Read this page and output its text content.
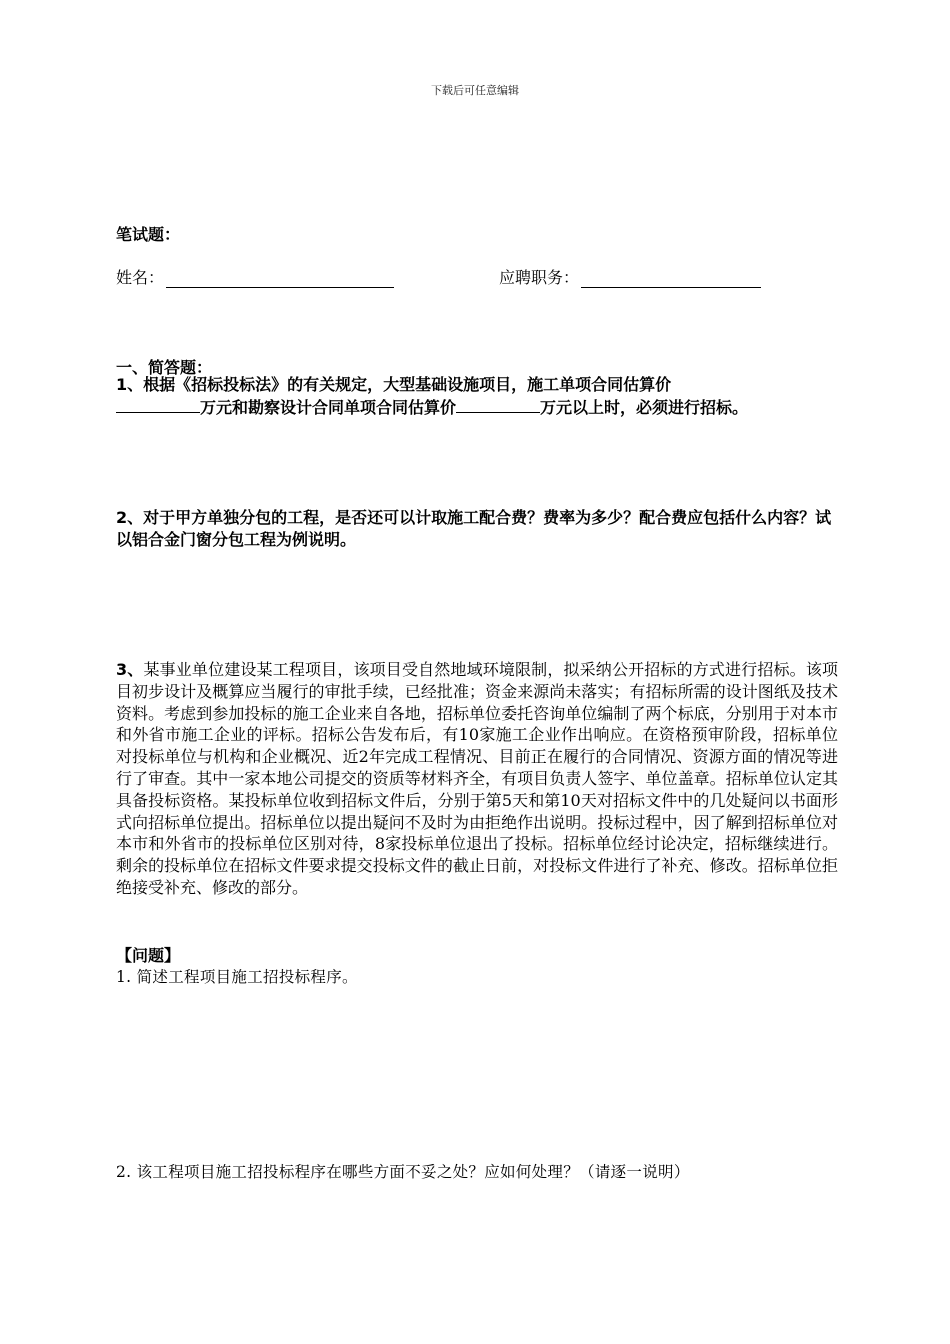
下载后可任意编辑
笔试题：
姓名：	应聘职务：
一、简答题：
1、根据《招标投标法》的有关规定，大型基础设施项目，施工单项合同估算价
万元和勘察设计合同单项合同估算价	万元以上时，必须进行招标。
2、对于甲方单独分包的工程，是否还可以计取施工配合费？费率为多少？配合费应包括什么内容？试以铝合金门窗分包工程为例说明。
3、某事业单位建设某工程项目，该项目受自然地域环境限制，拟采纳公开招标的方式进行招标。该项目初步设计及概算应当履行的审批手续，已经批准；资金来源尚未落实；有招标所需的设计图纸及技术资料。考虑到参加投标的施工企业来自各地，招标单位委托咨询单位编制了两个标底，分别用于对本市和外省市施工企业的评标。招标公告发布后，有10家施工企业作出响应。在资格预审阶段，招标单位对投标单位与机构和企业概况、近2年完成工程情况、目前正在履行的合同情况、资源方面的情况等进行了审查。其中一家本地公司提交的资质等材料齐全，有项目负责人签字、单位盖章。招标单位认定其具备投标资格。某投标单位收到招标文件后，分别于第5天和第10天对招标文件中的几处疑问以书面形式向招标单位提出。招标单位以提出疑问不及时为由拒绝作出说明。投标过程中，因了解到招标单位对本市和外省市的投标单位区别对待，8家投标单位退出了投标。招标单位经讨论决定，招标继续进行。剩余的投标单位在招标文件要求提交投标文件的截止日前，对投标文件进行了补充、修改。招标单位拒绝接受补充、修改的部分。
【问题】
1. 简述工程项目施工招投标程序。
2. 该工程项目施工招投标程序在哪些方面不妥之处？应如何处理？（请逐一说明）
